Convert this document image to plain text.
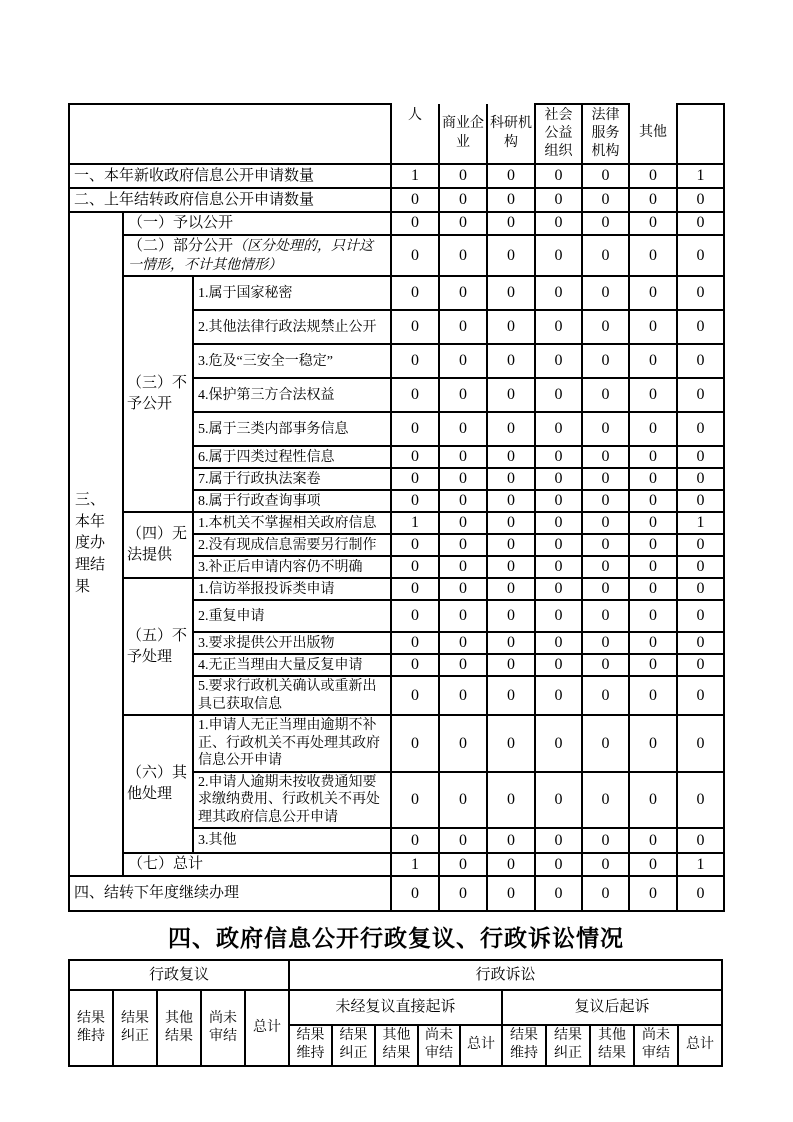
			人	商业企业	科研机构	社会公益组织	法律服务机构	其他	
一、本年新收政府信息公开申请数量			1	0	0	0	0	0	1
二、上年结转政府信息公开申请数量			0	0	0	0	0	0	0
三、本年度办理结果	（一）予以公开		0	0	0	0	0	0	0
	（二）部分公开（区分处理的，只计这一情形，不计其他情形）		0	0	0	0	0	0	0
	（三）不予公开	1.属于国家秘密	0	0	0	0	0	0	0
		2.其他法律行政法规禁止公开	0	0	0	0	0	0	0
		3.危及“三安全一稳定”	0	0	0	0	0	0	0
		4.保护第三方合法权益	0	0	0	0	0	0	0
		5.属于三类内部事务信息	0	0	0	0	0	0	0
		6.属于四类过程性信息	0	0	0	0	0	0	0
		7.属于行政执法案卷	0	0	0	0	0	0	0
		8.属于行政查询事项	0	0	0	0	0	0	0
	（四）无法提供	1.本机关不掌握相关政府信息	1	0	0	0	0	0	1
		2.没有现成信息需要另行制作	0	0	0	0	0	0	0
		3.补正后申请内容仍不明确	0	0	0	0	0	0	0
	（五）不予处理	1.信访举报投诉类申请	0	0	0	0	0	0	0
		2.重复申请	0	0	0	0	0	0	0
		3.要求提供公开出版物	0	0	0	0	0	0	0
		4.无正当理由大量反复申请	0	0	0	0	0	0	0
		5.要求行政机关确认或重新出具已获取信息	0	0	0	0	0	0	0
	（六）其他处理	1.申请人无正当理由逾期不补正、行政机关不再处理其政府信息公开申请	0	0	0	0	0	0	0
		2.申请人逾期未按收费通知要求缴纳费用、行政机关不再处理其政府信息公开申请	0	0	0	0	0	0	0
		3.其他	0	0	0	0	0	0	0
	（七）总计		1	0	0	0	0	0	1
四、结转下年度继续办理			0	0	0	0	0	0	0
四、政府信息公开行政复议、行政诉讼情况
行政复议					行政诉讼									
结果维持	结果纠正	其他结果	尚未审结	总计	未经复议直接起诉					复议后起诉				
					结果维持	结果纠正	其他结果	尚未审结	总计	结果维持	结果纠正	其他结果	尚未审结	总计
